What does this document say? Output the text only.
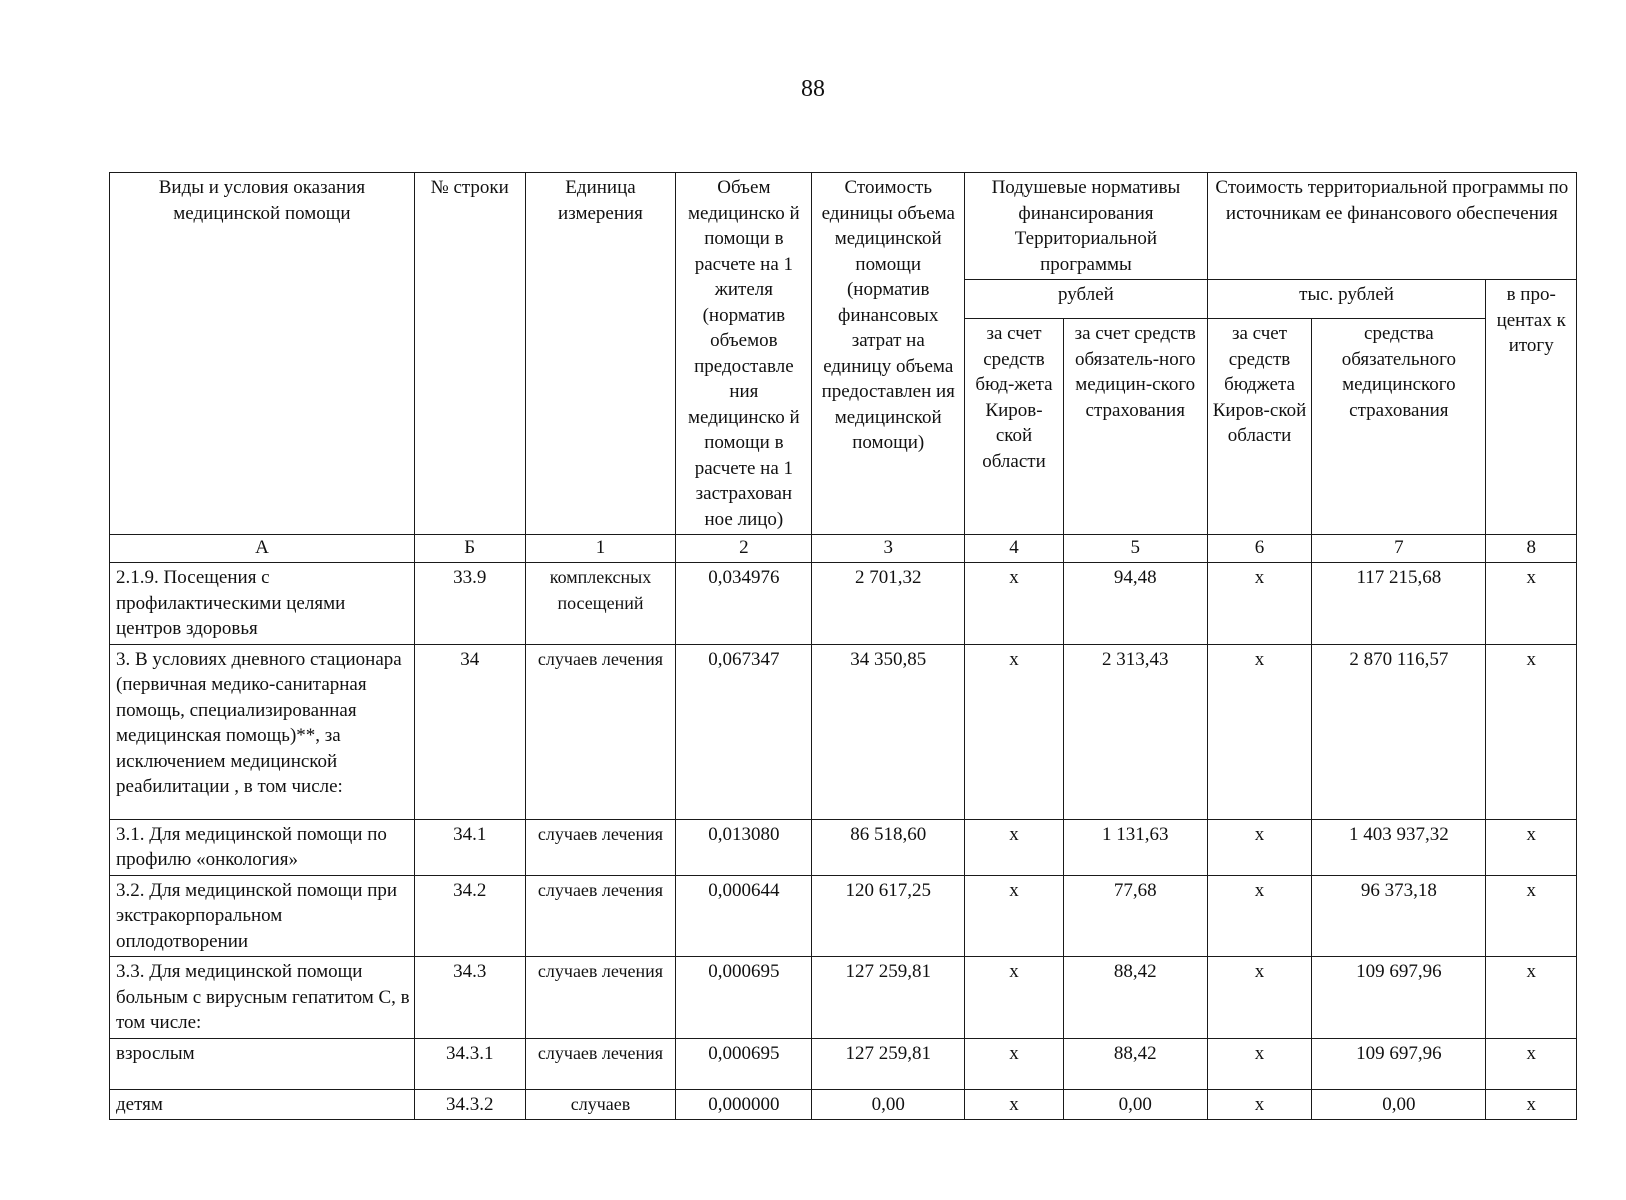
88
Виды и условия оказания медицинской помощи	№ строки	Единица измерения	Объем медицинско й помощи в расчете на 1 жителя (норматив объемов предоставле ния медицинско й помощи в расчете на 1 застрахован ное лицо)	Стоимость единицы объема медицинской помощи (норматив финансовых затрат на единицу объема предоставлен ия медицинской помощи)	Подушевые нормативы финансирования Территориальной программы		Стоимость территориальной программы по источникам ее финансового обеспечения		
					рублей		тыс. рублей		в про-центах к итогу
					за счет средств бюд-жета Киров-ской области	за счет средств обязатель-ного медицин-ского страхования	за счет средств бюджета Киров-ской области	средства обязательного медицинского страхования	
А	Б	1	2	3	4	5	6	7	8
2.1.9. Посещения с профилактическими целями центров здоровья	33.9	комплексных посещений	0,034976	2 701,32	х	94,48	х	117 215,68	х
3. В условиях дневного стационара (первичная медико-санитарная помощь, специализированная медицинская помощь)**, за исключением медицинской реабилитации , в том числе:	34	случаев лечения	0,067347	34 350,85	х	2 313,43	х	2 870 116,57	х
3.1. Для медицинской помощи по профилю «онкология»	34.1	случаев лечения	0,013080	86 518,60	х	1 131,63	х	1 403 937,32	х
3.2. Для медицинской помощи при экстракорпоральном оплодотворении	34.2	случаев лечения	0,000644	120 617,25	х	77,68	х	96 373,18	х
3.3. Для медицинской помощи больным с вирусным гепатитом С, в том числе:	34.3	случаев лечения	0,000695	127 259,81	х	88,42	х	109 697,96	х
взрослым	34.3.1	случаев лечения	0,000695	127 259,81	х	88,42	х	109 697,96	х
детям	34.3.2	случаев	0,000000	0,00	х	0,00	х	0,00	х
